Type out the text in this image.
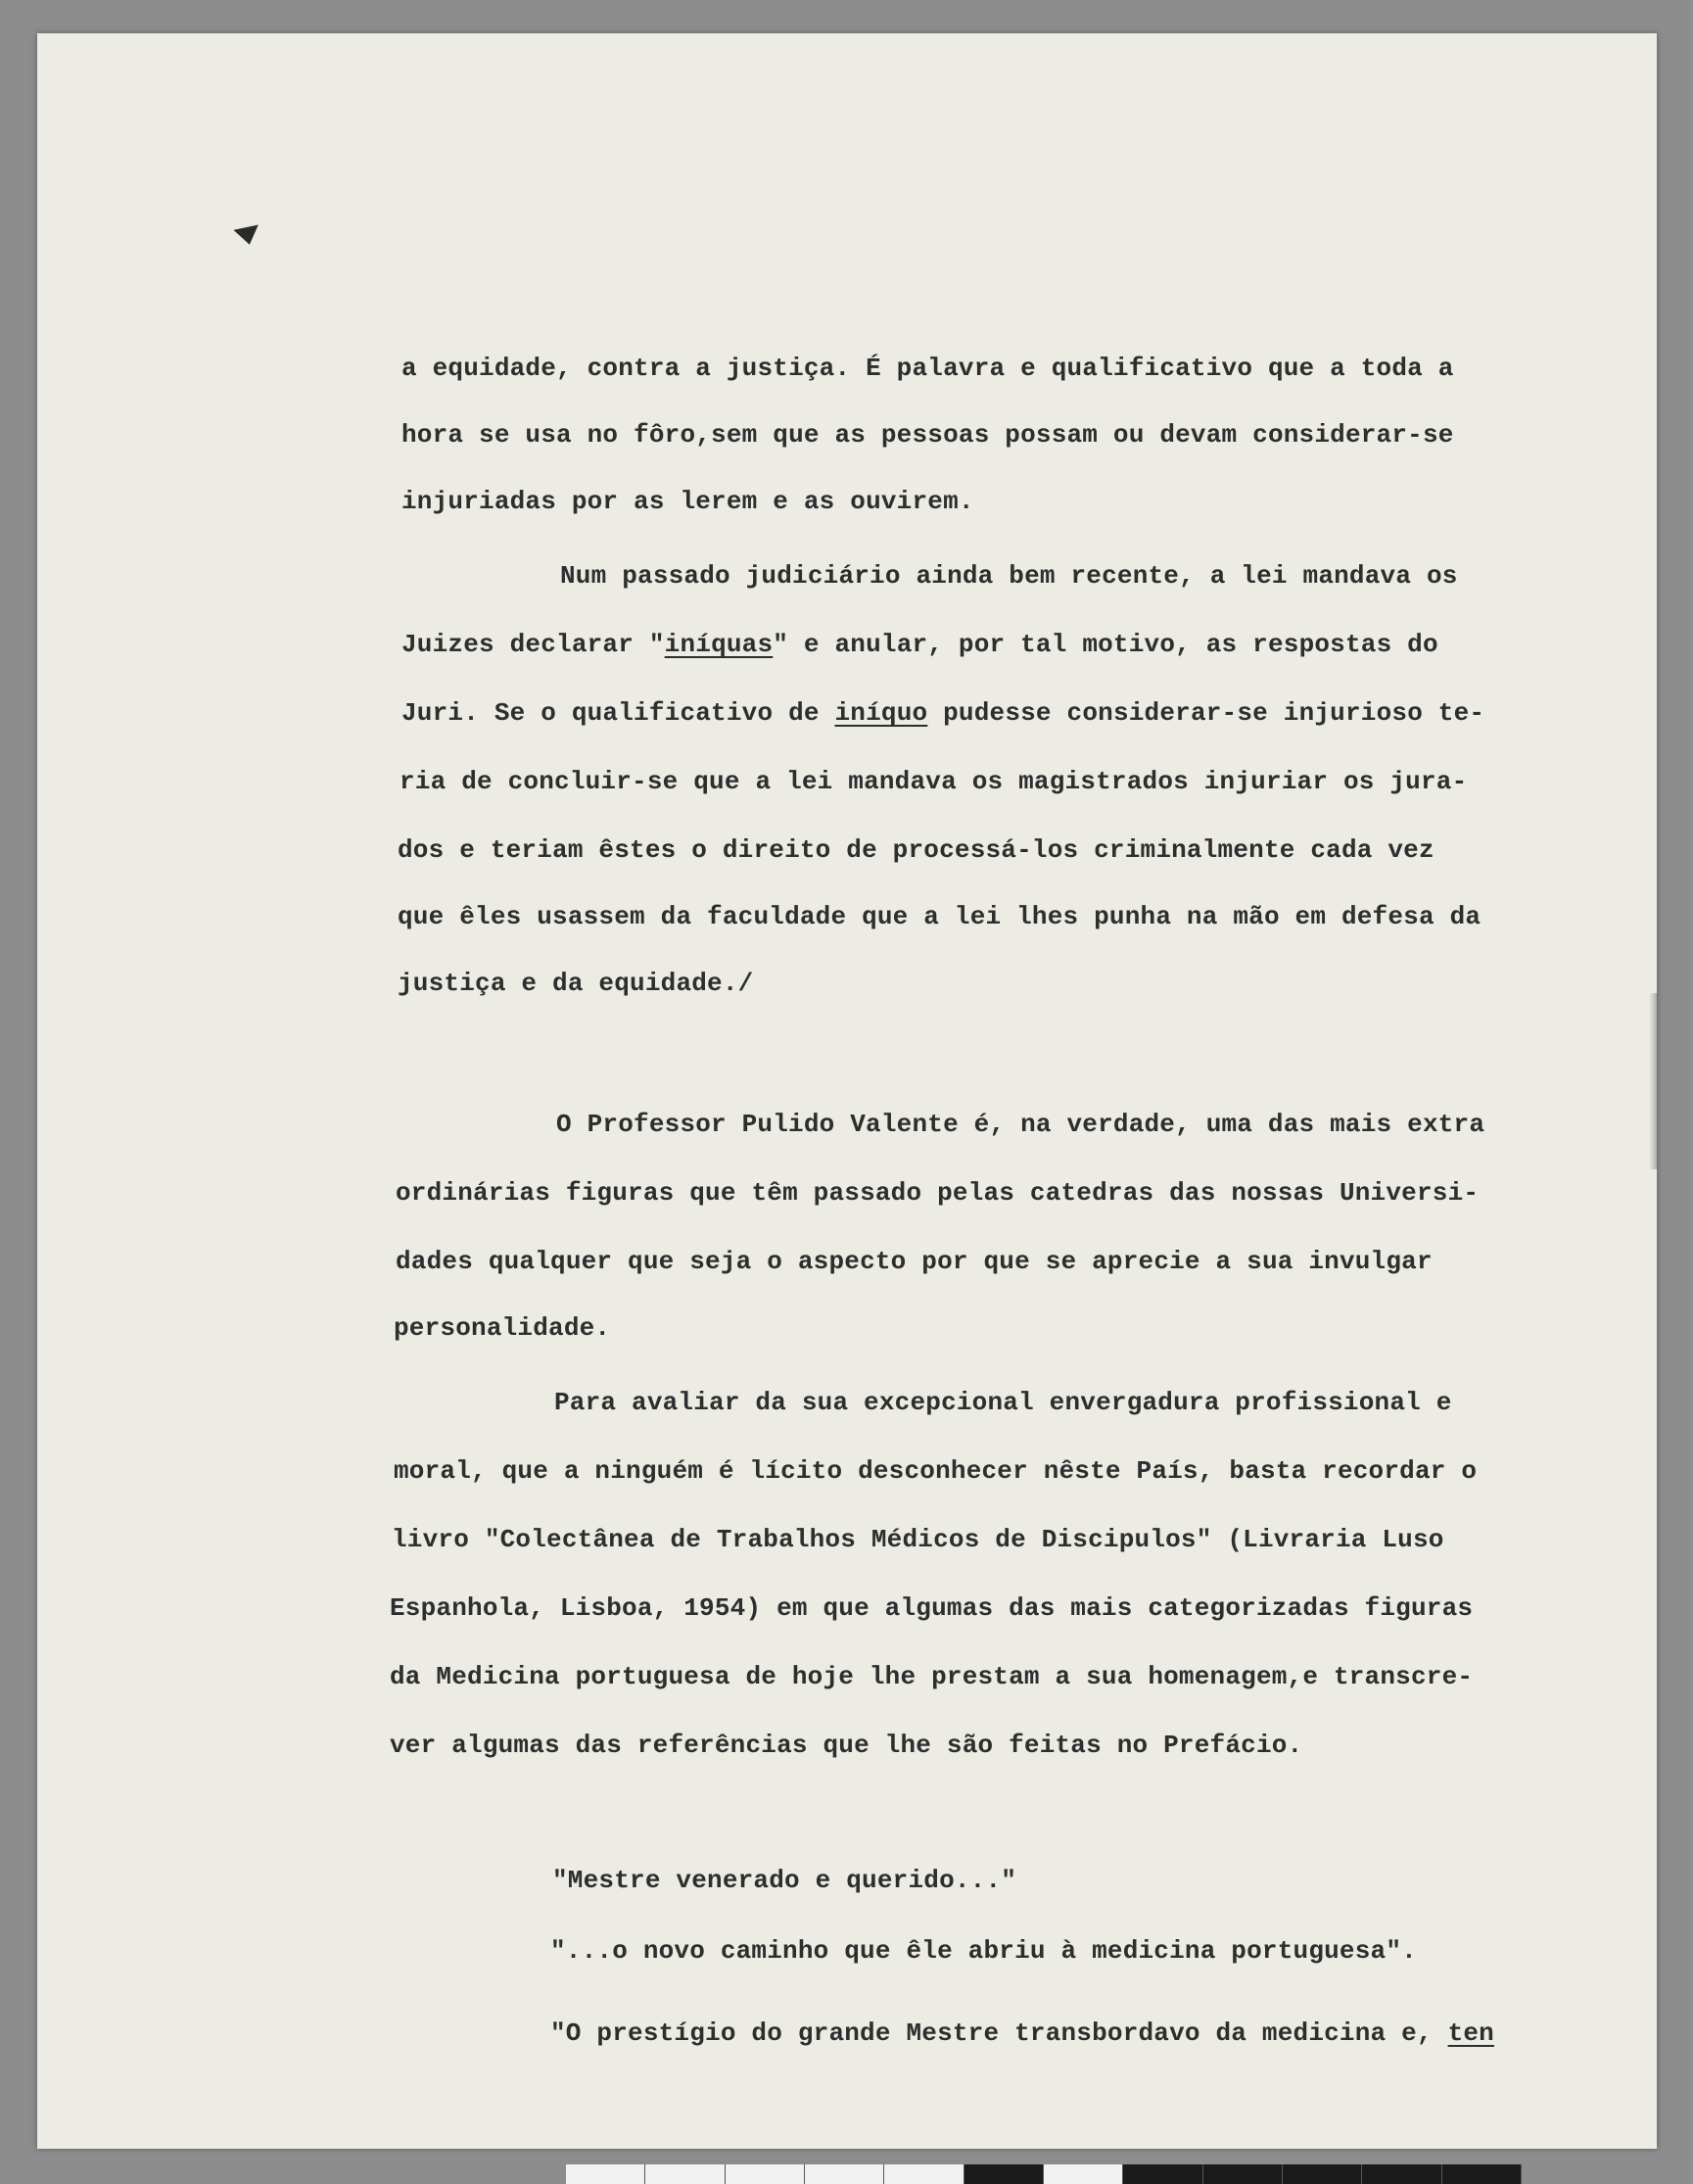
a equidade, contra a justiça. É palavra e qualificativo que a toda a

hora se usa no fôro,sem que as pessoas possam ou devam considerar-se

injuriadas por as lerem e as ouvirem.

Num passado judiciário ainda bem recente, a lei mandava os

Juizes declarar "iníquas" e anular, por tal motivo, as respostas do

Juri. Se o qualificativo de iníquo pudesse considerar-se injurioso te-

ria de concluir-se que a lei mandava os magistrados injuriar os jura-

dos e teriam êstes o direito de processá-los criminalmente cada vez

que êles usassem da faculdade que a lei lhes punha na mão em defesa da

justiça e da equidade./

O Professor Pulido Valente é, na verdade, uma das mais extra

ordinárias figuras que têm passado pelas catedras das nossas Universi-

dades qualquer que seja o aspecto por que se aprecie a sua invulgar

personalidade.

Para avaliar da sua excepcional envergadura profissional e

moral, que a ninguém é lícito desconhecer nêste País, basta recordar o

livro "Colectânea de Trabalhos Médicos de Discipulos" (Livraria Luso

Espanhola, Lisboa, 1954) em que algumas das mais categorizadas figuras

da Medicina portuguesa de hoje lhe prestam a sua homenagem,e transcre-

ver algumas das referências que lhe são feitas no Prefácio.

"Mestre venerado e querido..."

"...o novo caminho que êle abriu à medicina portuguesa".

"O prestígio do grande Mestre transbordavo da medicina e, ten
